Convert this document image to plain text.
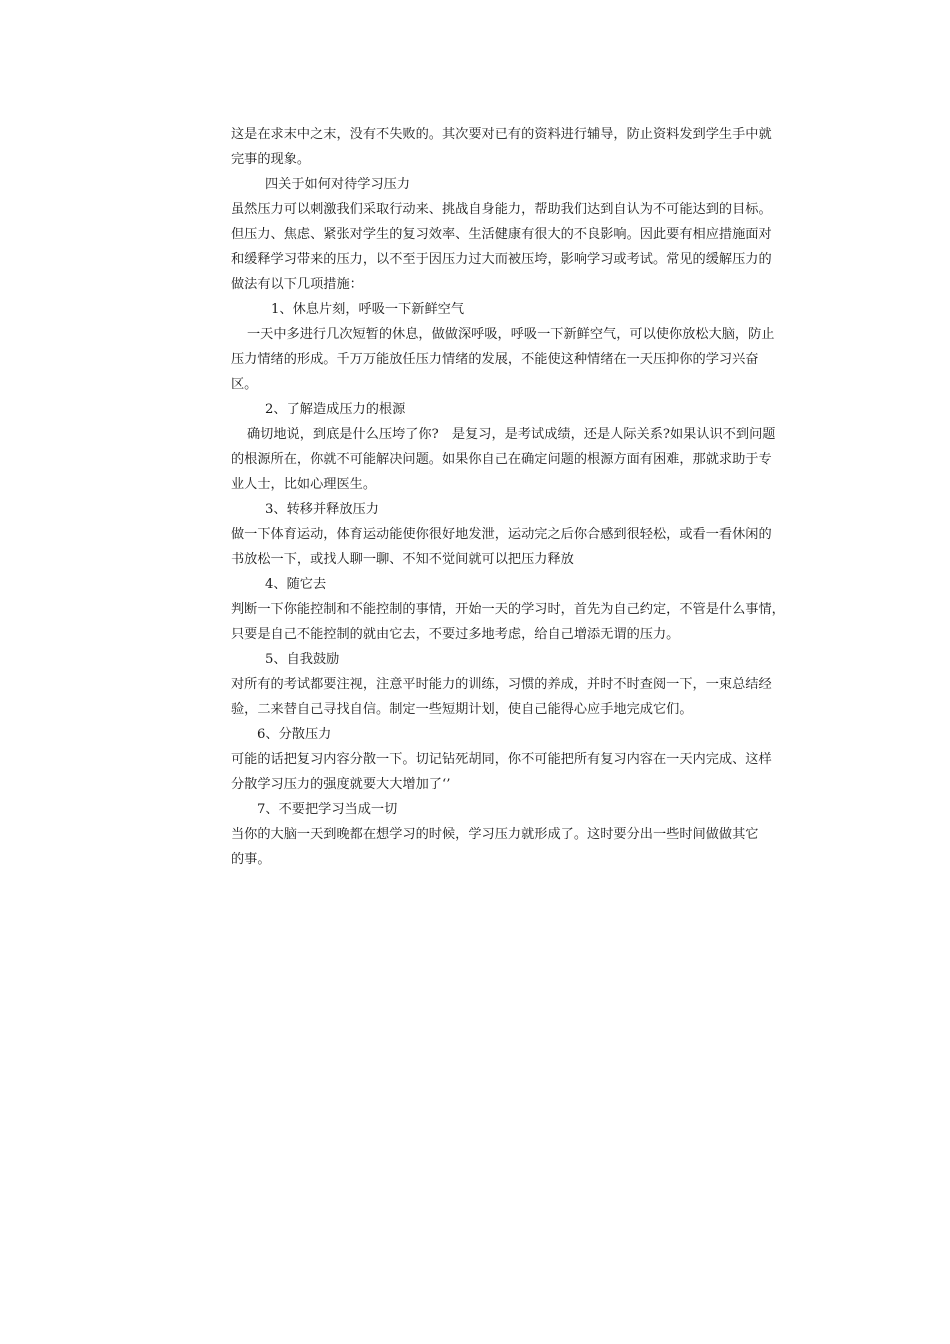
这是在求末中之末，没有不失败的。其次要对已有的资料进行辅导，防止资料发到学生手中就
完事的现象。
四关于如何对待学习压力
虽然压力可以刺激我们采取行动来、挑战自身能力，帮助我们达到自认为不可能达到的目标。
但压力、焦虑、紧张对学生的复习效率、生活健康有很大的不良影响。因此要有相应措施面对
和缓释学习带来的压力，以不至于因压力过大而被压垮，影响学习或考试。常见的缓解压力的
做法有以下几项措施：
1、休息片刻，呼吸一下新鲜空气
一天中多进行几次短暂的休息，做做深呼吸，呼吸一下新鲜空气，可以使你放松大脑，防止
压力情绪的形成。千万万能放任压力情绪的发展，不能使这种情绪在一天压抑你的学习兴奋
区。
2、了解造成压力的根源
确切地说，到底是什么压垮了你?　是复习，是考试成绩，还是人际关系?如果认识不到问题
的根源所在，你就不可能解决问题。如果你自己在确定问题的根源方面有困难，那就求助于专
业人士，比如心理医生。
3、转移并释放压力
做一下体育运动，体育运动能使你很好地发泄，运动完之后你合感到很轻松，或看一看休闲的
书放松一下，或找人聊一聊、不知不觉间就可以把压力释放
4、随它去
判断一下你能控制和不能控制的事情，开始一天的学习时，首先为自己约定，不管是什么事情，
只要是自己不能控制的就由它去，不要过多地考虑，给自己增添无谓的压力。
5、自我鼓励
对所有的考试都要注视，注意平时能力的训练，习惯的养成，并时不时查阅一下，一束总结经
验，二来替自己寻找自信。制定一些短期计划，使自己能得心应手地完成它们。
6、分散压力
可能的话把复习内容分散一下。切记钻死胡同，你不可能把所有复习内容在一天内完成、这样
分散学习压力的强度就要大大增加了‘’
7、不要把学习当成一切
当你的大脑一天到晚都在想学习的时候，学习压力就形成了。这时要分出一些时间做做其它
的事。
